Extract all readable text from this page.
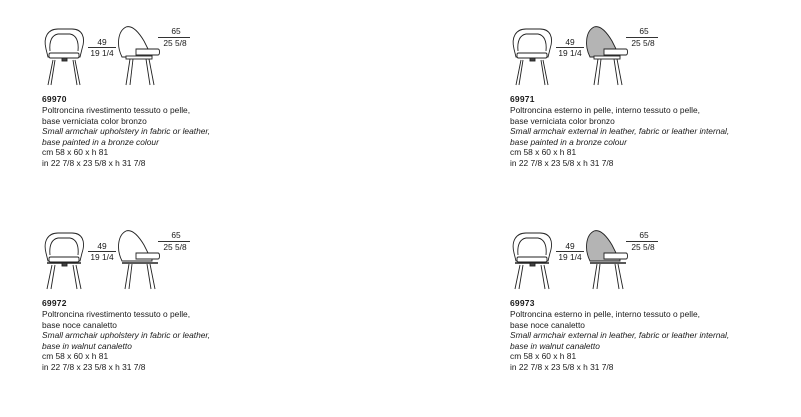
49
19 1/4
65
25 5/8
69970
Poltroncina rivestimento tessuto o pelle,
base verniciata color bronzo
Small armchair upholstery in fabric or leather,
base painted in a bronze colour
cm 58 x 60 x h 81
in 22 7/8 x 23 5/8 x h 31 7/8
49
19 1/4
65
25 5/8
69971
Poltroncina esterno in pelle, interno tessuto o pelle,
base verniciata color bronzo
Small armchair external in leather, fabric or leather internal,
base painted in a bronze colour
cm 58 x 60 x h 81
in 22 7/8 x 23 5/8 x h 31 7/8
49
19 1/4
65
25 5/8
69972
Poltroncina rivestimento tessuto o pelle,
base noce canaletto
Small armchair upholstery in fabric or leather,
base in walnut canaletto
cm 58 x 60 x h 81
in 22 7/8 x 23 5/8 x h 31 7/8
49
19 1/4
65
25 5/8
69973
Poltroncina esterno in pelle, interno tessuto o pelle,
base noce canaletto
Small armchair external in leather, fabric or leather internal,
base in walnut canaletto
cm 58 x 60 x h 81
in 22 7/8 x 23 5/8 x h 31 7/8
